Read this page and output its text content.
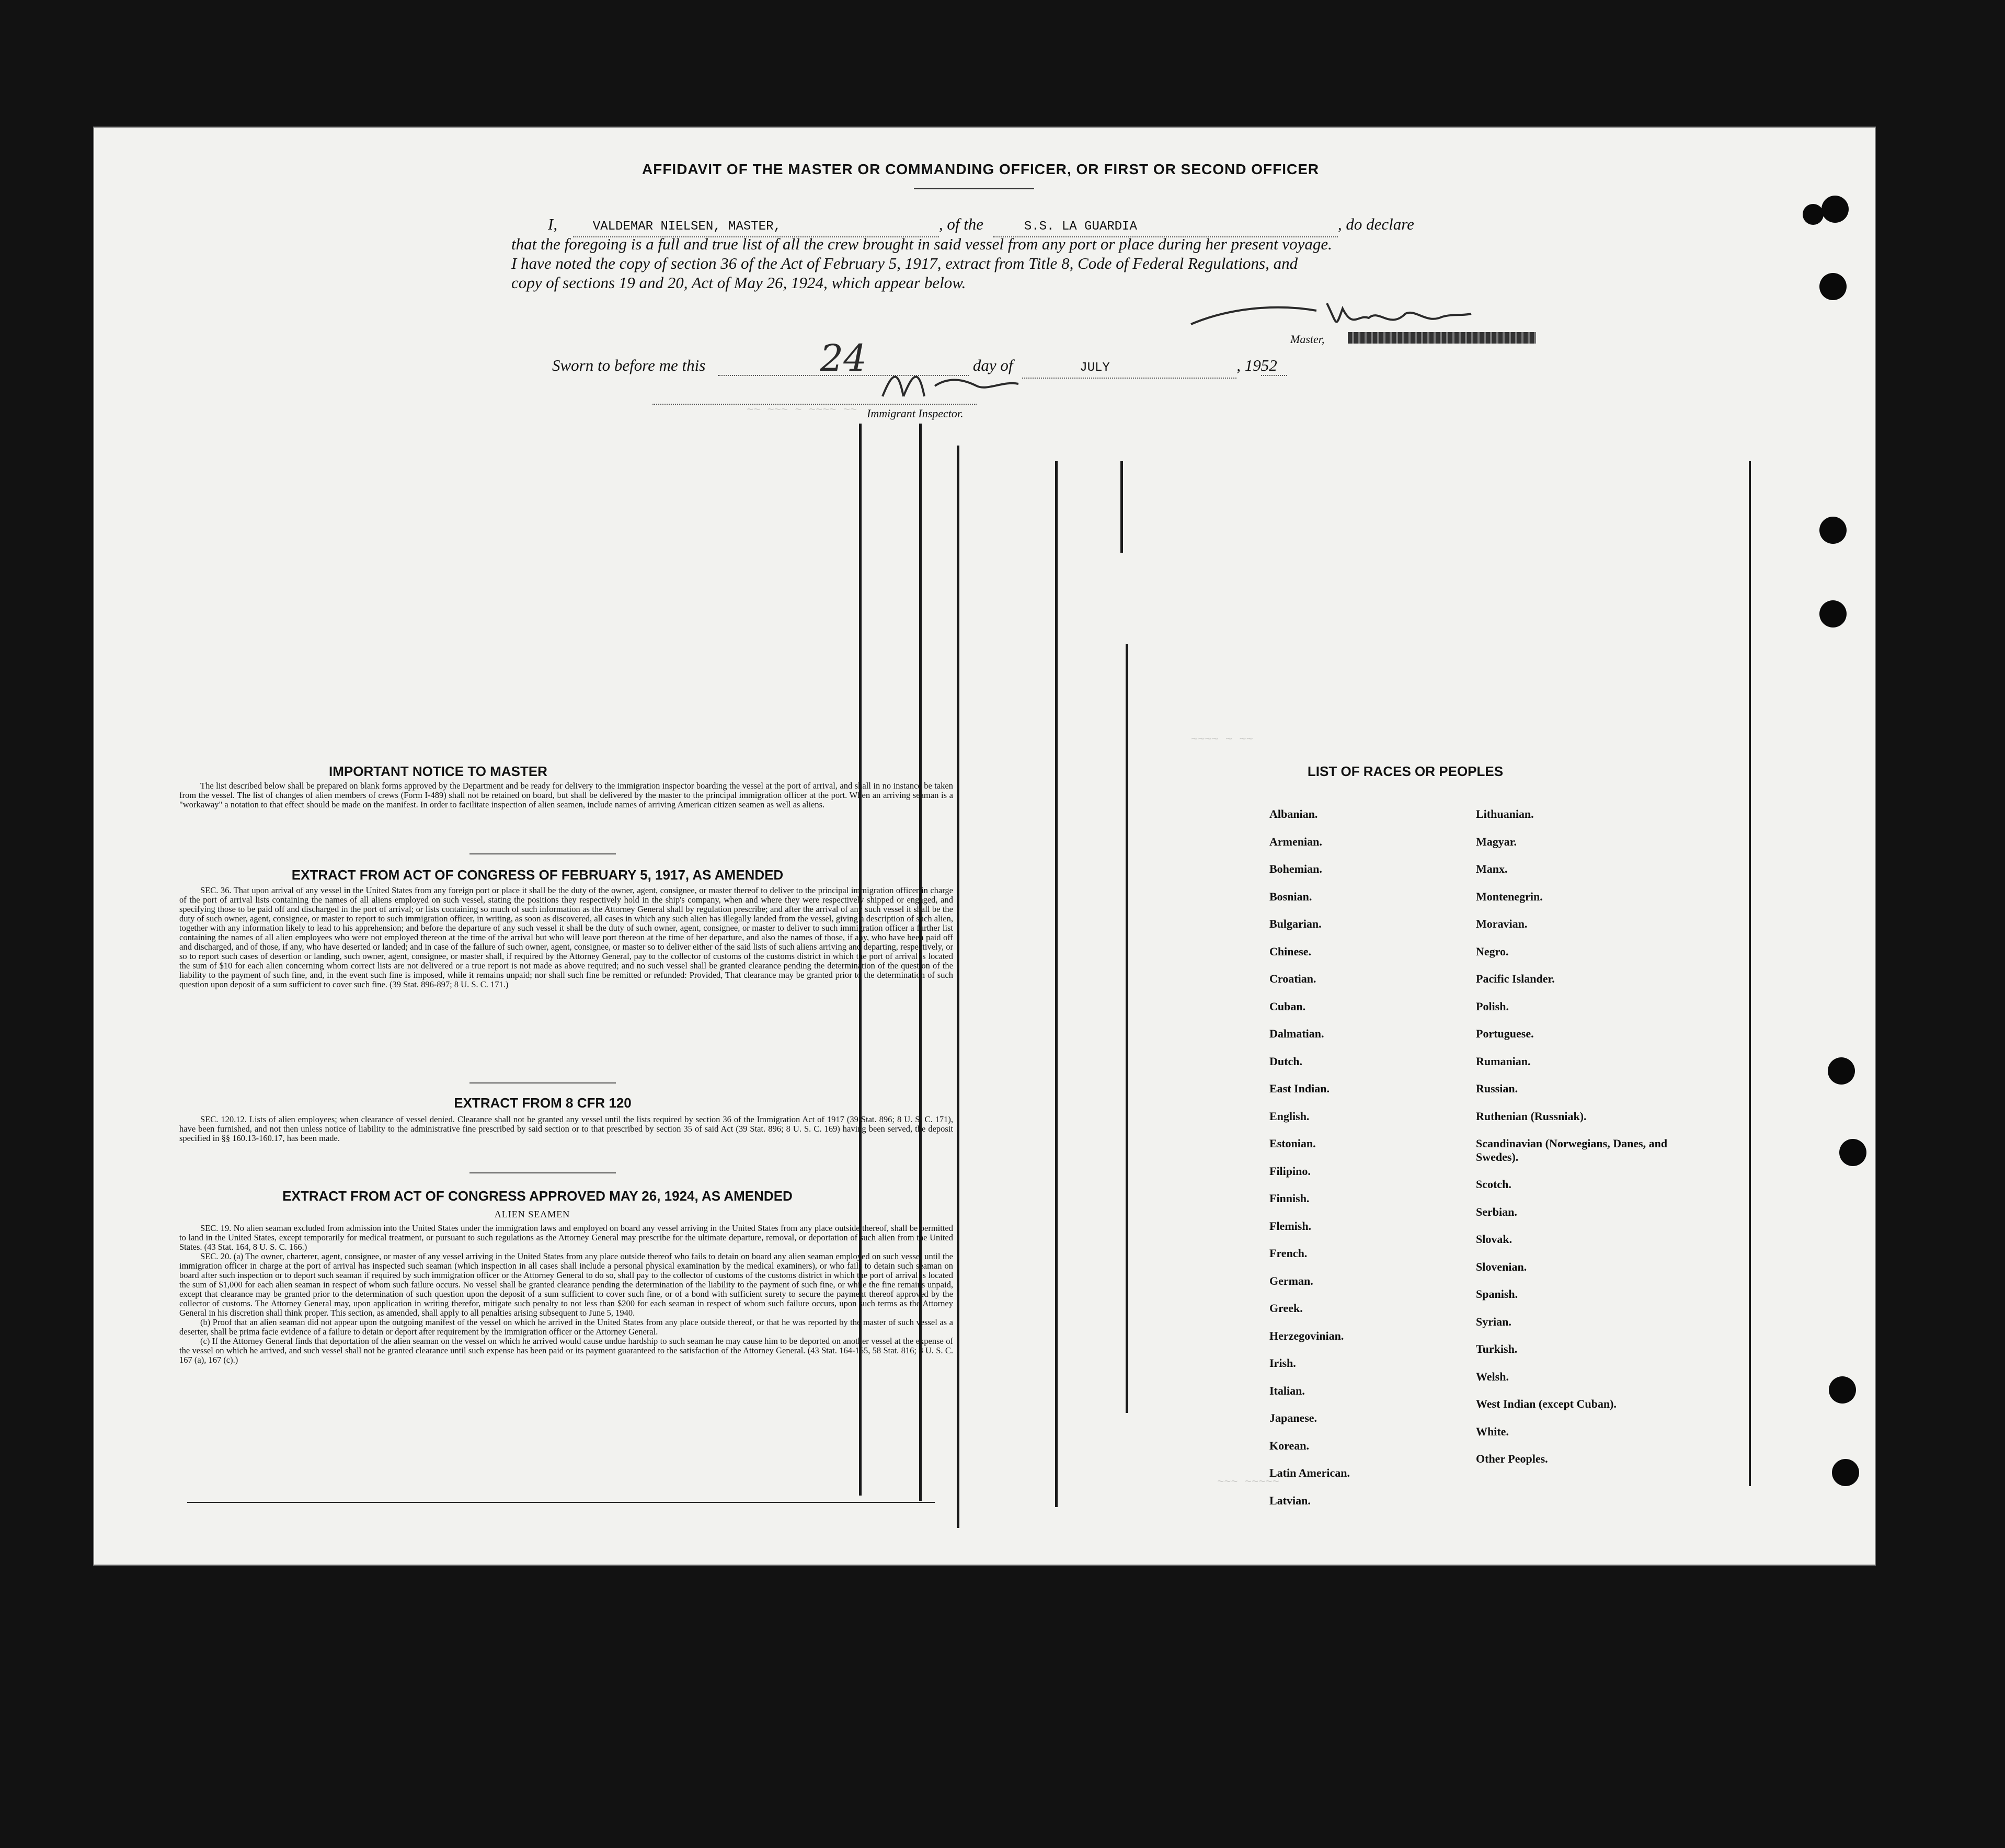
~~ ~~~ ~ ~~~~ ~~
~~~~ ~ ~~
~~~ ~~~~~
AFFIDAVIT OF THE MASTER OR COMMANDING OFFICER, OR FIRST OR SECOND OFFICER
I,	VALDEMAR NIELSEN, MASTER,	, of the	S.S. LA GUARDIA	, do declare
that the foregoing is a full and true list of all the crew brought in said vessel from any port or place during her present voyage.
I have noted the copy of section 36 of the Act of February 5, 1917, extract from Title 8, Code of Federal Regulations, and
copy of sections 19 and 20, Act of May 26, 1924, which appear below.
Master,
Sworn to before me this	24	day of	JULY	, 1952
Immigrant Inspector.
IMPORTANT NOTICE TO MASTER
The list described below shall be prepared on blank forms approved by the Department and be ready for delivery to the immigration inspector boarding the vessel at the port of arrival, and shall in no instance be taken from the vessel. The list of changes of alien members of crews (Form I-489) shall not be retained on board, but shall be delivered by the master to the principal immigration officer at the port. When an arriving seaman is a "workaway" a notation to that effect should be made on the manifest. In order to facilitate inspection of alien seamen, include names of arriving American citizen seamen as well as aliens.
EXTRACT FROM ACT OF CONGRESS OF FEBRUARY 5, 1917, AS AMENDED
SEC. 36. That upon arrival of any vessel in the United States from any foreign port or place it shall be the duty of the owner, agent, consignee, or master thereof to deliver to the principal immigration officer in charge of the port of arrival lists containing the names of all aliens employed on such vessel, stating the positions they respectively hold in the ship's company, when and where they were respectively shipped or engaged, and specifying those to be paid off and discharged in the port of arrival; or lists containing so much of such information as the Attorney General shall by regulation prescribe; and after the arrival of any such vessel it shall be the duty of such owner, agent, consignee, or master to report to such immigration officer, in writing, as soon as discovered, all cases in which any such alien has illegally landed from the vessel, giving a description of such alien, together with any information likely to lead to his apprehension; and before the departure of any such vessel it shall be the duty of such owner, agent, consignee, or master to deliver to such immigration officer a further list containing the names of all alien employees who were not employed thereon at the time of the arrival but who will leave port thereon at the time of her departure, and also the names of those, if any, who have been paid off and discharged, and of those, if any, who have deserted or landed; and in case of the failure of such owner, agent, consignee, or master so to deliver either of the said lists of such aliens arriving and departing, respectively, or so to report such cases of desertion or landing, such owner, agent, consignee, or master shall, if required by the Attorney General, pay to the collector of customs of the customs district in which the port of arrival is located the sum of $10 for each alien concerning whom correct lists are not delivered or a true report is not made as above required; and no such vessel shall be granted clearance pending the determination of the question of the liability to the payment of such fine, and, in the event such fine is imposed, while it remains unpaid; nor shall such fine be remitted or refunded: Provided, That clearance may be granted prior to the determination of such question upon deposit of a sum sufficient to cover such fine. (39 Stat. 896-897; 8 U. S. C. 171.)
EXTRACT FROM 8 CFR 120
SEC. 120.12. Lists of alien employees; when clearance of vessel denied. Clearance shall not be granted any vessel until the lists required by section 36 of the Immigration Act of 1917 (39 Stat. 896; 8 U. S. C. 171), have been furnished, and not then unless notice of liability to the administrative fine prescribed by said section or to that prescribed by section 35 of said Act (39 Stat. 896; 8 U. S. C. 169) having been served, the deposit specified in §§ 160.13-160.17, has been made.
EXTRACT FROM ACT OF CONGRESS APPROVED MAY 26, 1924, AS AMENDED
ALIEN SEAMEN
SEC. 19. No alien seaman excluded from admission into the United States under the immigration laws and employed on board any vessel arriving in the United States from any place outside thereof, shall be permitted to land in the United States, except temporarily for medical treatment, or pursuant to such regulations as the Attorney General may prescribe for the ultimate departure, removal, or deportation of such alien from the United States. (43 Stat. 164, 8 U. S. C. 166.)
SEC. 20. (a) The owner, charterer, agent, consignee, or master of any vessel arriving in the United States from any place outside thereof who fails to detain on board any alien seaman employed on such vessel until the immigration officer in charge at the port of arrival has inspected such seaman (which inspection in all cases shall include a personal physical examination by the medical examiners), or who fails to detain such seaman on board after such inspection or to deport such seaman if required by such immigration officer or the Attorney General to do so, shall pay to the collector of customs of the customs district in which the port of arrival is located the sum of $1,000 for each alien seaman in respect of whom such failure occurs. No vessel shall be granted clearance pending the determination of the liability to the payment of such fine, or while the fine remains unpaid, except that clearance may be granted prior to the determination of such question upon the deposit of a sum sufficient to cover such fine, or of a bond with sufficient surety to secure the payment thereof approved by the collector of customs. The Attorney General may, upon application in writing therefor, mitigate such penalty to not less than $200 for each seaman in respect of whom such failure occurs, upon such terms as the Attorney General in his discretion shall think proper. This section, as amended, shall apply to all penalties arising subsequent to June 5, 1940.
(b) Proof that an alien seaman did not appear upon the outgoing manifest of the vessel on which he arrived in the United States from any place outside thereof, or that he was reported by the master of such vessel as a deserter, shall be prima facie evidence of a failure to detain or deport after requirement by the immigration officer or the Attorney General.
(c) If the Attorney General finds that deportation of the alien seaman on the vessel on which he arrived would cause undue hardship to such seaman he may cause him to be deported on another vessel at the expense of the vessel on which he arrived, and such vessel shall not be granted clearance until such expense has been paid or its payment guaranteed to the satisfaction of the Attorney General. (43 Stat. 164-165, 58 Stat. 816; 8 U. S. C. 167 (a), 167 (c).)
LIST OF RACES OR PEOPLES
Albanian.
Armenian.
Bohemian.
Bosnian.
Bulgarian.
Chinese.
Croatian.
Cuban.
Dalmatian.
Dutch.
East Indian.
English.
Estonian.
Filipino.
Finnish.
Flemish.
French.
German.
Greek.
Herzegovinian.
Irish.
Italian.
Japanese.
Korean.
Latin American.
Latvian.
Lithuanian.
Magyar.
Manx.
Montenegrin.
Moravian.
Negro.
Pacific Islander.
Polish.
Portuguese.
Rumanian.
Russian.
Ruthenian (Russniak).
Scandinavian (Norwegians, Danes, and Swedes).
Scotch.
Serbian.
Slovak.
Slovenian.
Spanish.
Syrian.
Turkish.
Welsh.
West Indian (except Cuban).
White.
Other Peoples.
